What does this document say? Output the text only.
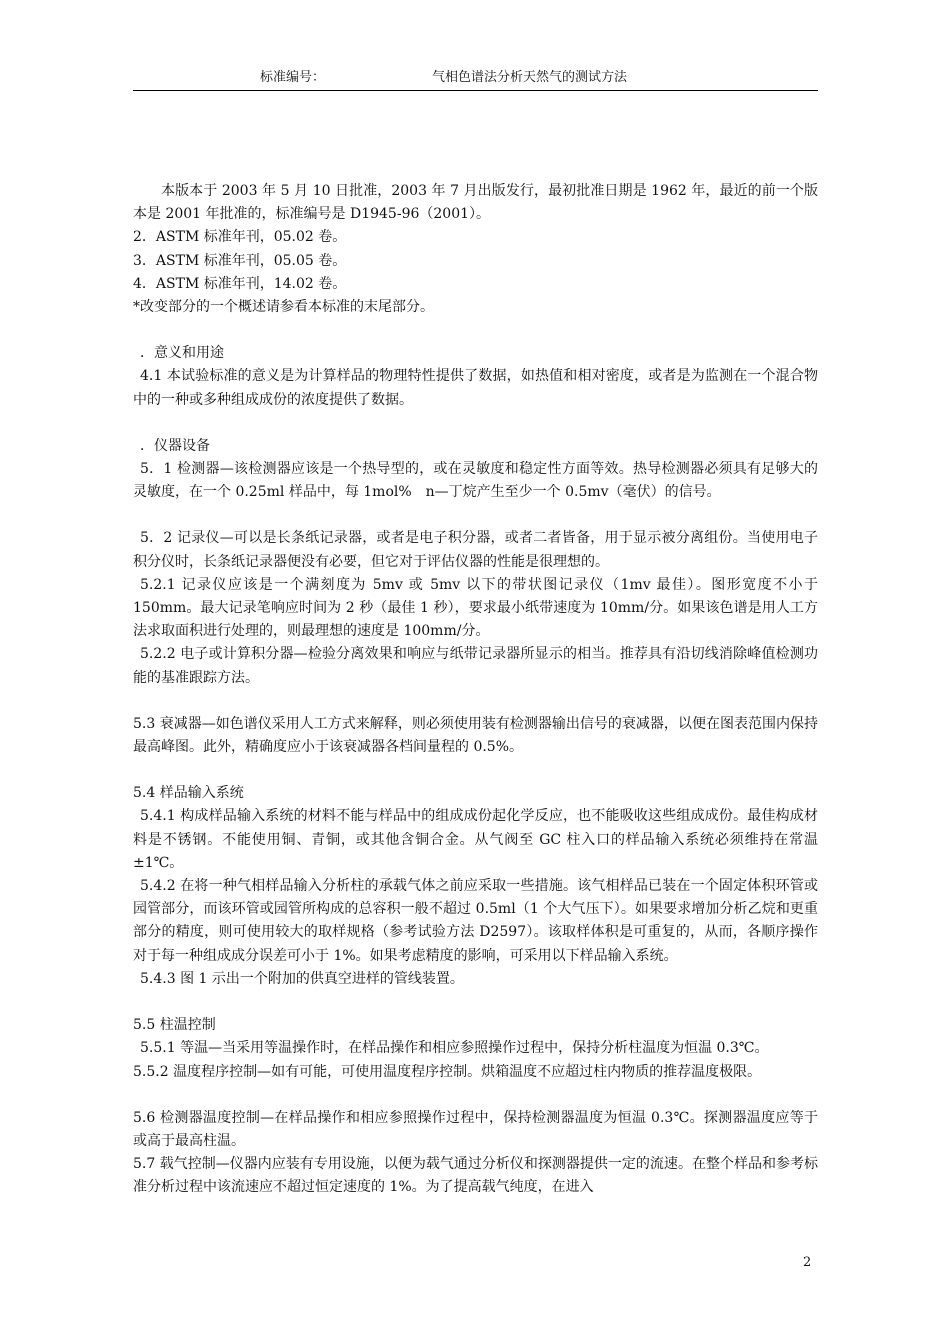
标准编号：	气相色谱法分析天然气的测试方法

本版本于 2003 年 5 月 10 日批准，2003 年 7 月出版发行，最初批准日期是 1962 年，最近的前一个版本是 2001 年批准的，标准编号是 D1945-96（2001）。

2．ASTM 标准年刊，05.02 卷。

3．ASTM 标准年刊，05.05 卷。

4．ASTM 标准年刊，14.02 卷。

*改变部分的一个概述请参看本标准的末尾部分。

．意义和用途

4.1 本试验标准的意义是为计算样品的物理特性提供了数据，如热值和相对密度，或者是为监测在一个混合物中的一种或多种组成成份的浓度提供了数据。

．仪器设备

5．1 检测器—该检测器应该是一个热导型的，或在灵敏度和稳定性方面等效。热导检测器必须具有足够大的灵敏度，在一个 0.25ml 样品中，每 1mol%　n—丁烷产生至少一个 0.5mv（毫伏）的信号。

5．2 记录仪—可以是长条纸记录器，或者是电子积分器，或者二者皆备，用于显示被分离组份。当使用电子积分仪时，长条纸记录器便没有必要，但它对于评估仪器的性能是很理想的。

5.2.1 记录仪应该是一个满刻度为 5mv 或 5mv 以下的带状图记录仪（1mv 最佳）。图形宽度不小于 150mm。最大记录笔响应时间为 2 秒（最佳 1 秒），要求最小纸带速度为 10mm/分。如果该色谱是用人工方法求取面积进行处理的，则最理想的速度是 100mm/分。

5.2.2 电子或计算积分器—检验分离效果和响应与纸带记录器所显示的相当。推荐具有沿切线消除峰值检测功能的基准跟踪方法。

5.3 衰减器—如色谱仪采用人工方式来解释，则必须使用装有检测器输出信号的衰减器，以便在图表范围内保持最高峰图。此外，精确度应小于该衰减器各档间量程的 0.5%。

5.4 样品输入系统

5.4.1 构成样品输入系统的材料不能与样品中的组成成份起化学反应，也不能吸收这些组成成份。最佳构成材料是不锈钢。不能使用铜、青铜，或其他含铜合金。从气阀至 GC 柱入口的样品输入系统必须维持在常温±1℃。

5.4.2 在将一种气相样品输入分析柱的承载气体之前应采取一些措施。该气相样品已装在一个固定体积环管或园管部分，而该环管或园管所构成的总容积一般不超过 0.5ml（1 个大气压下）。如果要求增加分析乙烷和更重部分的精度，则可使用较大的取样规格（参考试验方法 D2597）。该取样体积是可重复的，从而，各顺序操作对于每一种组成成分误差可小于 1%。如果考虑精度的影响，可采用以下样品输入系统。

5.4.3 图 1 示出一个附加的供真空进样的管线装置。

5.5 柱温控制

5.5.1 等温—当采用等温操作时，在样品操作和相应参照操作过程中，保持分析柱温度为恒温 0.3℃。

5.5.2 温度程序控制—如有可能，可使用温度程序控制。烘箱温度不应超过柱内物质的推荐温度极限。

5.6 检测器温度控制—在样品操作和相应参照操作过程中，保持检测器温度为恒温 0.3℃。探测器温度应等于或高于最高柱温。

5.7 载气控制—仪器内应装有专用设施，以便为载气通过分析仪和探测器提供一定的流速。在整个样品和参考标准分析过程中该流速应不超过恒定速度的 1%。为了提高载气纯度，在进入

2
